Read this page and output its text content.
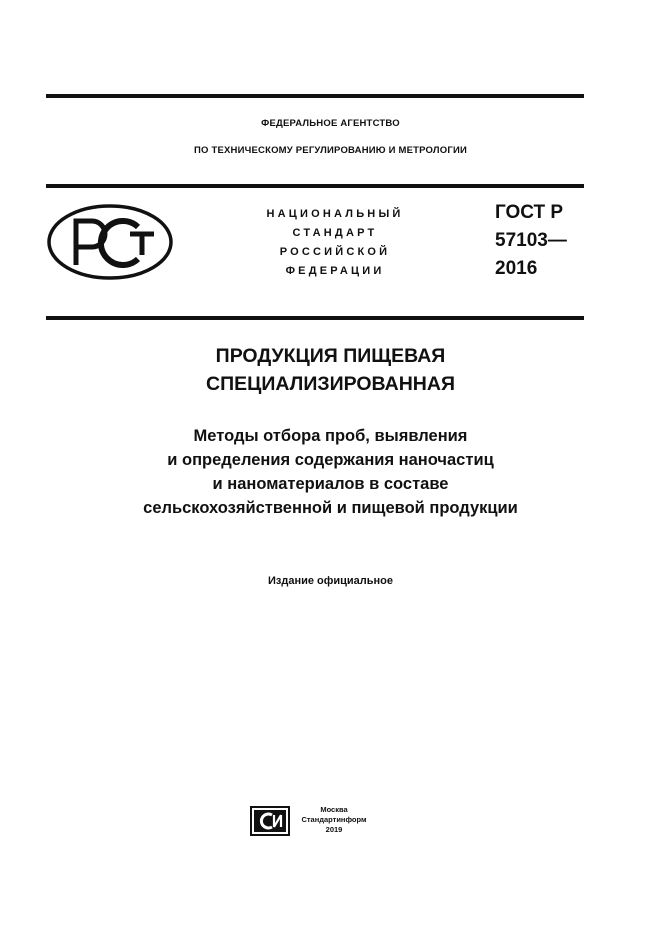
ФЕДЕРАЛЬНОЕ АГЕНТСТВО
ПО ТЕХНИЧЕСКОМУ РЕГУЛИРОВАНИЮ И МЕТРОЛОГИИ
НАЦИОНАЛЬНЫЙ
СТАНДАРТ
РОССИЙСКОЙ
ФЕДЕРАЦИИ
ГОСТ Р
57103—
2016
ПРОДУКЦИЯ ПИЩЕВАЯ
СПЕЦИАЛИЗИРОВАННАЯ
Методы отбора проб, выявления
и определения содержания наночастиц
и наноматериалов в составе
сельскохозяйственной и пищевой продукции
Издание официальное
Москва
Стандартинформ
2019
